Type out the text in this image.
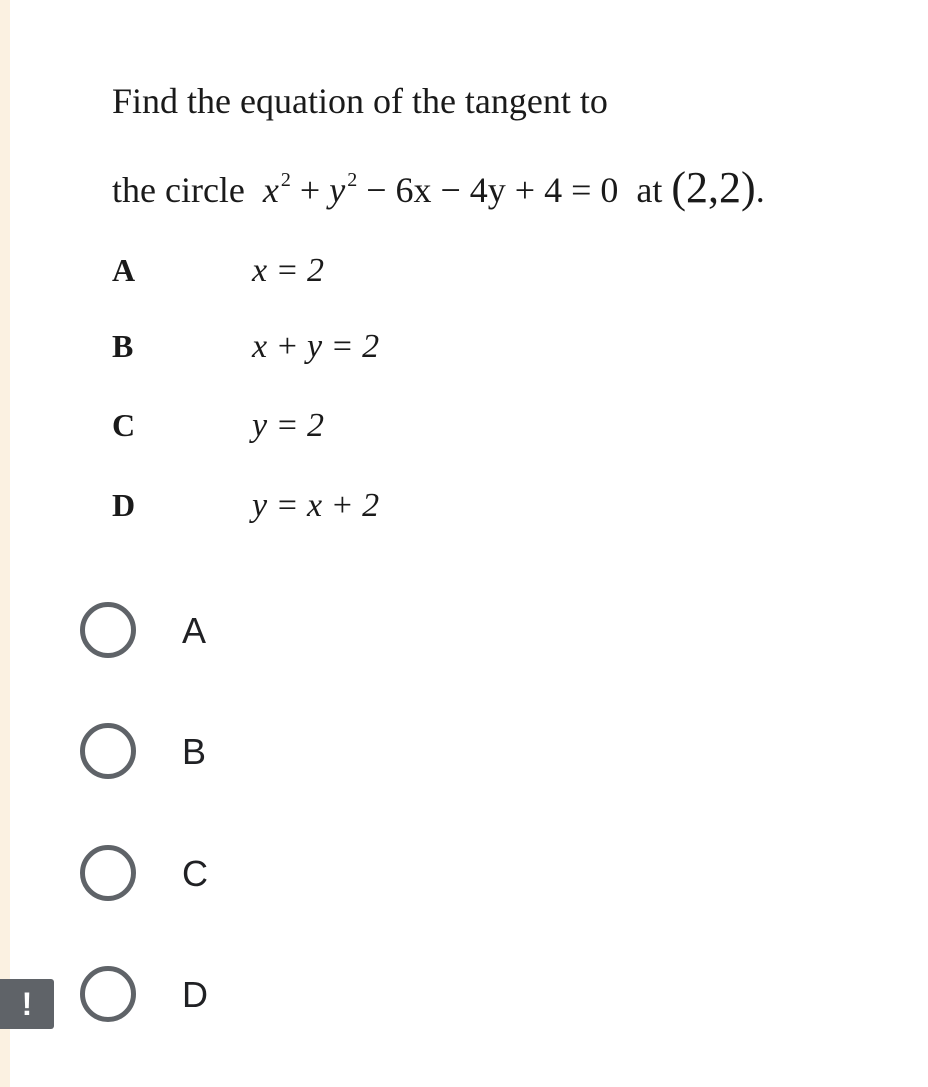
Find the equation of the tangent to
the circle x $^2$ + y $^2$ − 6x − 4y + 4 = 0 at (2,2).
A	x = 2
B	x + y = 2
C	y = 2
D	y = x + 2
A
B
C
D
!
